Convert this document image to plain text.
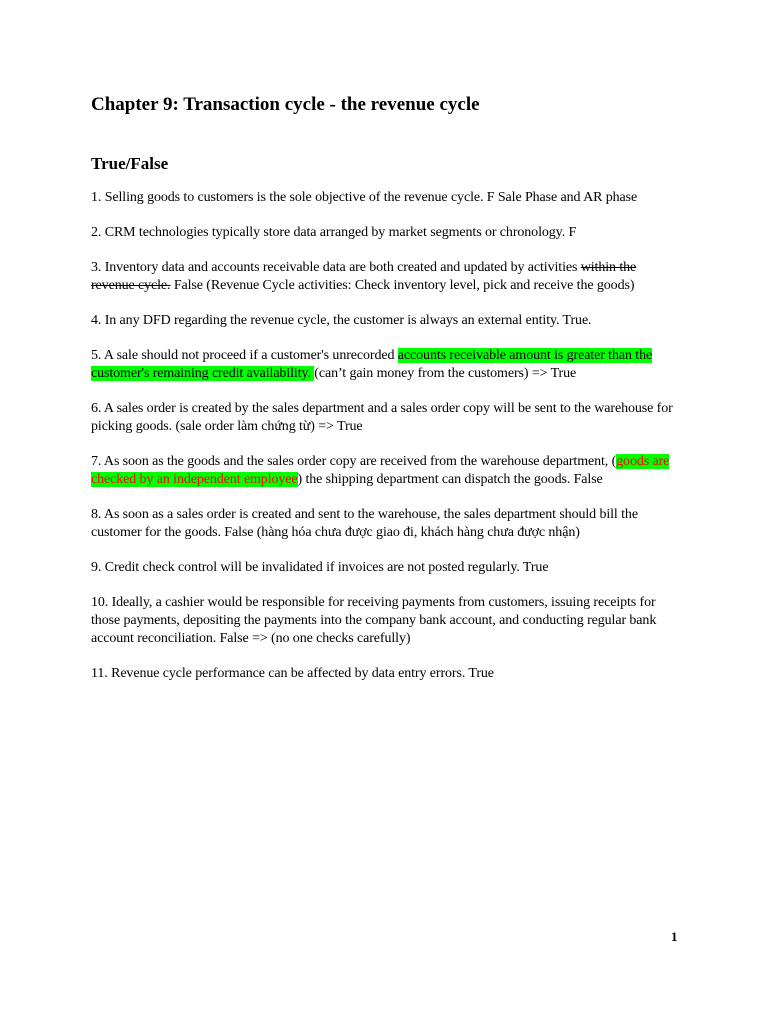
Chapter 9: Transaction cycle - the revenue cycle
True/False

1. Selling goods to customers is the sole objective of the revenue cycle. F Sale Phase and AR phase

2. CRM technologies typically store data arranged by market segments or chronology. F

3. Inventory data and accounts receivable data are both created and updated by activities within the revenue cycle. False (Revenue Cycle activities: Check inventory level, pick and receive the goods)

4. In any DFD regarding the revenue cycle, the customer is always an external entity. True.

5. A sale should not proceed if a customer's unrecorded accounts receivable amount is greater than the customer's remaining credit availability. (can’t gain money from the customers) => True

6. A sales order is created by the sales department and a sales order copy will be sent to the warehouse for picking goods. (sale order làm chứng từ) => True

7. As soon as the goods and the sales order copy are received from the warehouse department, (goods are checked by an independent employee) the shipping department can dispatch the goods. False

8. As soon as a sales order is created and sent to the warehouse, the sales department should bill the customer for the goods. False (hàng hóa chưa được giao đi, khách hàng chưa được nhận)

9. Credit check control will be invalidated if invoices are not posted regularly. True

10. Ideally, a cashier would be responsible for receiving payments from customers, issuing receipts for those payments, depositing the payments into the company bank account, and conducting regular bank account reconciliation. False => (no one checks carefully)

11. Revenue cycle performance can be affected by data entry errors. True

1
